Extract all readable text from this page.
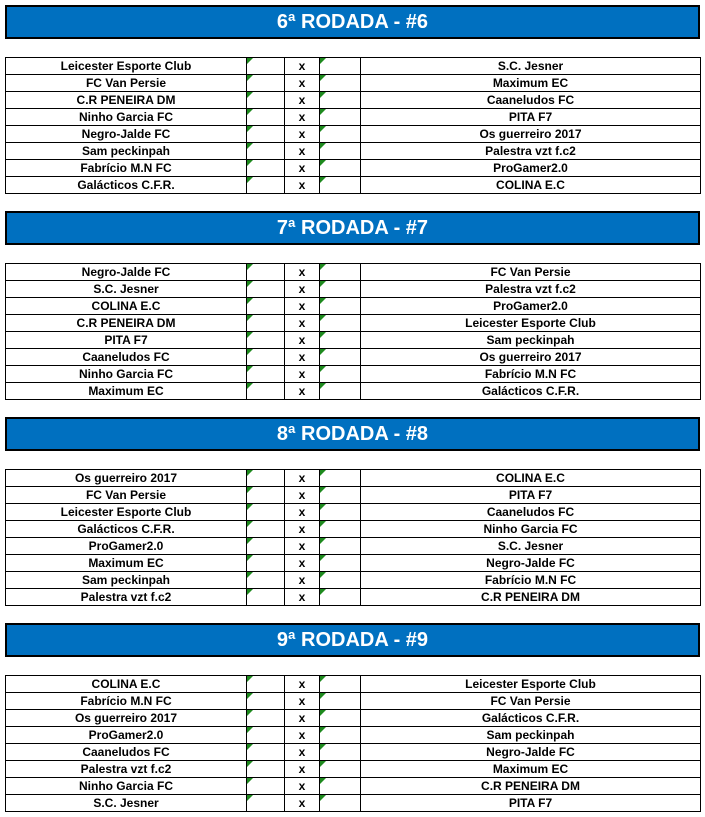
6ª RODADA - #6
Leicester Esporte Club		x		S.C. Jesner
FC Van Persie		x		Maximum EC
C.R PENEIRA DM		x		Caaneludos FC
Ninho Garcia FC		x		PITA F7
Negro-Jalde FC		x		Os guerreiro 2017
Sam peckinpah		x		Palestra vzt f.c2
Fabrício M.N FC		x		ProGamer2.0
Galácticos C.F.R.		x		COLINA E.C
7ª RODADA - #7
Negro-Jalde FC		x		FC Van Persie
S.C. Jesner		x		Palestra vzt f.c2
COLINA E.C		x		ProGamer2.0
C.R PENEIRA DM		x		Leicester Esporte Club
PITA F7		x		Sam peckinpah
Caaneludos FC		x		Os guerreiro 2017
Ninho Garcia FC		x		Fabrício M.N FC
Maximum EC		x		Galácticos C.F.R.
8ª RODADA - #8
Os guerreiro 2017		x		COLINA E.C
FC Van Persie		x		PITA F7
Leicester Esporte Club		x		Caaneludos FC
Galácticos C.F.R.		x		Ninho Garcia FC
ProGamer2.0		x		S.C. Jesner
Maximum EC		x		Negro-Jalde FC
Sam peckinpah		x		Fabrício M.N FC
Palestra vzt f.c2		x		C.R PENEIRA DM
9ª RODADA - #9
COLINA E.C		x		Leicester Esporte Club
Fabrício M.N FC		x		FC Van Persie
Os guerreiro 2017		x		Galácticos C.F.R.
ProGamer2.0		x		Sam peckinpah
Caaneludos FC		x		Negro-Jalde FC
Palestra vzt f.c2		x		Maximum EC
Ninho Garcia FC		x		C.R PENEIRA DM
S.C. Jesner		x		PITA F7
